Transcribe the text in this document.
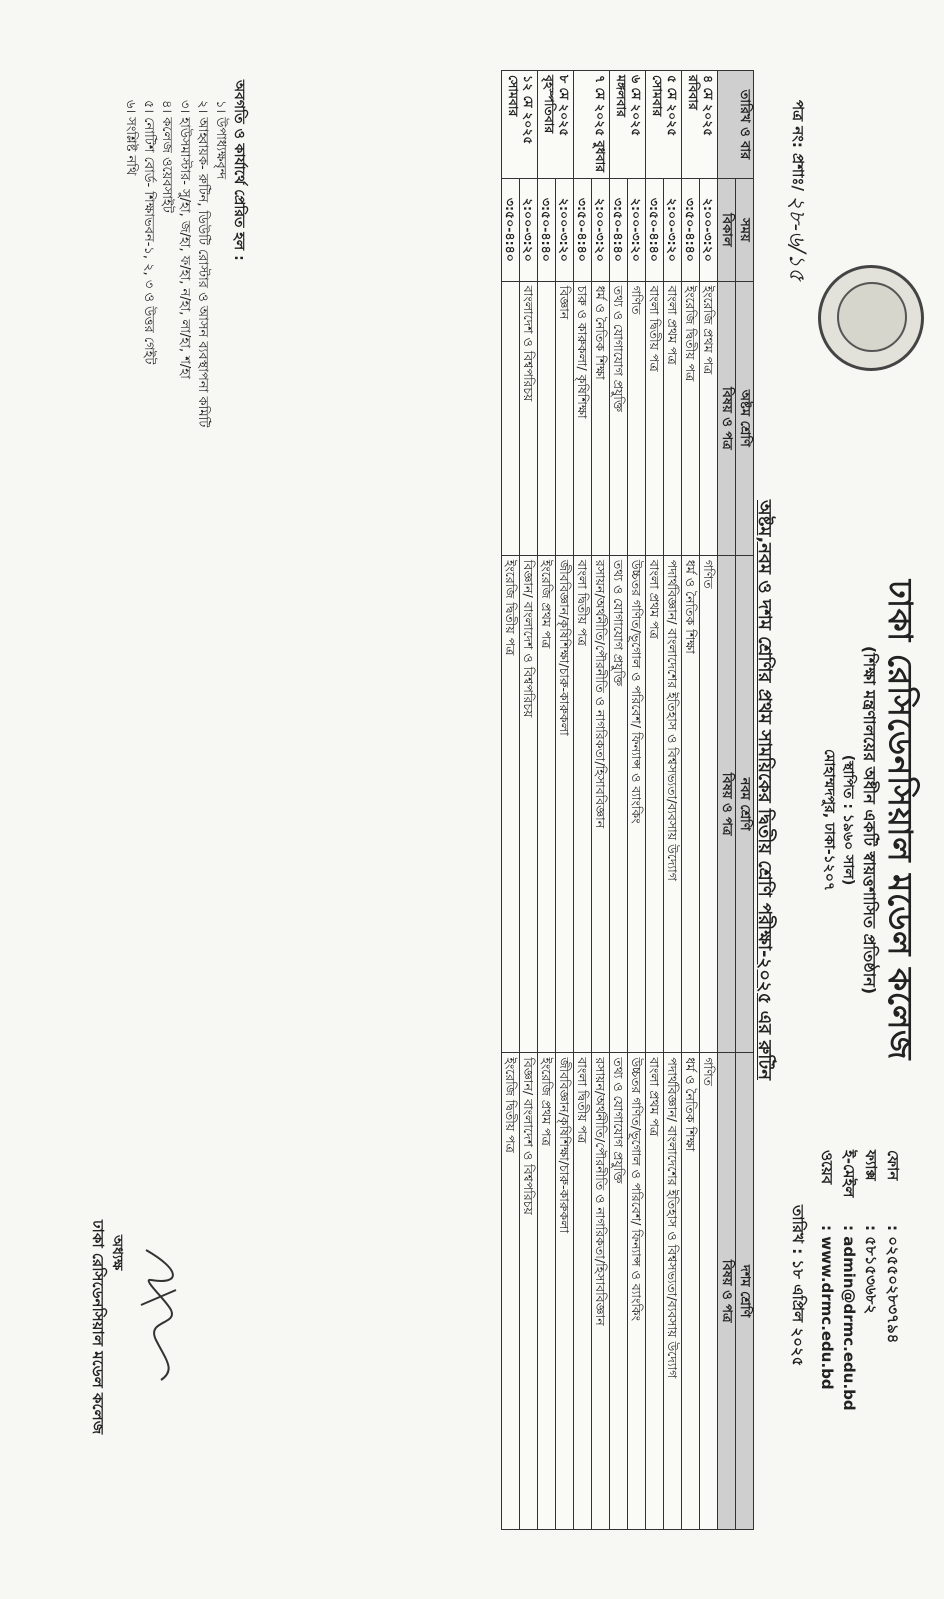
ঢাকা রেসিডেনসিয়াল মডেল কলেজ
(শিক্ষা মন্ত্রণালয়ের অধীন একটি স্বায়ত্তশাসিত প্রতিষ্ঠান)
(স্থাপিত : ১৯৬০ সাল)
মোহাম্মদপুর, ঢাকা-১২০৭
ফোন
: ০২৫৫০২৮৩৭৯৪
ফ্যাক্স
: ৫৮১৫৩৬৮২
ই-মেইল
: admin@drmc.edu.bd
ওয়েব
: www.drmc.edu.bd
পত্র নং: প্রশাঃ/
২৮-৬/১৫
তারিখ : ১৮ এপ্রিল ২০২৫
অষ্টম,নবম ও দশম শ্রেণির প্রথম সাময়িকের দ্বিতীয় শ্রেণি পরীক্ষা-২০২৫ এর রুটিন
তারিখ ও বার	সময়	অষ্টম শ্রেণি	নবম শ্রেণি	দশম শ্রেণি
	বিকাল	বিষয় ও পত্র	বিষয় ও পত্র	বিষয় ও পত্র
৪ মে ২০২৫ রবিবার	২:০০-৩:২০	ইংরেজি প্রথম পত্র	গণিত	গণিত
	৩:৫০-৪:৪০	ইংরেজি দ্বিতীয় পত্র	ধর্ম ও নৈতিক শিক্ষা	ধর্ম ও নৈতিক শিক্ষা
৫ মে ২০২৫ সোমবার	২:০০-৩:২০	বাংলা প্রথম পত্র	পদার্থবিজ্ঞান/ বাংলাদেশের ইতিহাস ও বিশ্বসভ্যতা/ব্যবসায় উদ্যোগ	পদার্থবিজ্ঞান/ বাংলাদেশের ইতিহাস ও বিশ্বসভ্যতা/ব্যবসায় উদ্যোগ
	৩:৫০-৪:৪০	বাংলা দ্বিতীয় পত্র	বাংলা প্রথম পত্র	বাংলা প্রথম পত্র
৬ মে ২০২৫ মঙ্গলবার	২:০০-৩:২০	গণিত	উচ্চতর গণিত/ভূগোল ও পরিবেশ/ ফিন্যান্স ও ব্যাংকিং	উচ্চতর গণিত/ভূগোল ও পরিবেশ/ ফিন্যান্স ও ব্যাংকিং
	৩:৫০-৪:৪০	তথ্য ও যোগাযোগ প্রযুক্তি	তথ্য ও যোগাযোগ প্রযুক্তি	তথ্য ও যোগাযোগ প্রযুক্তি
৭ মে ২০২৫ বুধবার	২:০০-৩:২০	ধর্ম ও নৈতিক শিক্ষা	রসায়ন/অর্থনীতি/পৌরনীতি ও নাগরিকতা/হিসাববিজ্ঞান	রসায়ন/অর্থনীতি/পৌরনীতি ও নাগরিকতা/হিসাববিজ্ঞান
	৩:৫০-৪:৪০	চারু ও কারুকলা/ কৃষিশিক্ষা	বাংলা দ্বিতীয় পত্র	বাংলা দ্বিতীয় পত্র
৮ মে ২০২৫ বৃহস্পতিবার	২:০০-৩:২০	বিজ্ঞান	জীববিজ্ঞান/কৃষিশিক্ষা/চারু-কারুকলা	জীববিজ্ঞান/কৃষিশিক্ষা/চারু-কারুকলা
	৩:৫০-৪:৪০		ইংরেজি প্রথম পত্র	ইংরেজি প্রথম পত্র
১২ মে ২০২৫ সোমবার	২:০০-৩:২০	বাংলাদেশ ও বিশ্বপরিচয়	বিজ্ঞান/ বাংলাদেশ ও বিশ্বপরিচয়	বিজ্ঞান/ বাংলাদেশ ও বিশ্বপরিচয়
	৩:৫০-৪:৪০		ইংরেজি দ্বিতীয় পত্র	ইংরেজি দ্বিতীয় পত্র
অবগতি ও কার্যার্থে প্রেরিত হল :
১। উপাধ্যক্ষবৃন্দ
২। আহ্বায়ক- রুটিন, ডিউটি রোস্টার ও আসন ব্যবস্থাপনা কমিটি
৩। হাউসমাস্টার- সু/হা, জ/হা, ফ/হা, ন/হা, লা/হা, শ/হা
৪। কলেজ ওয়েবসাইট
৫। নোটিশ বোর্ড- শিক্ষাভবন-১, ২, ৩ ও উত্তর গেইট
৬। সংশ্লিষ্ট নথি
অধ্যক্ষ
ঢাকা রেসিডেনসিয়াল মডেল কলেজ
